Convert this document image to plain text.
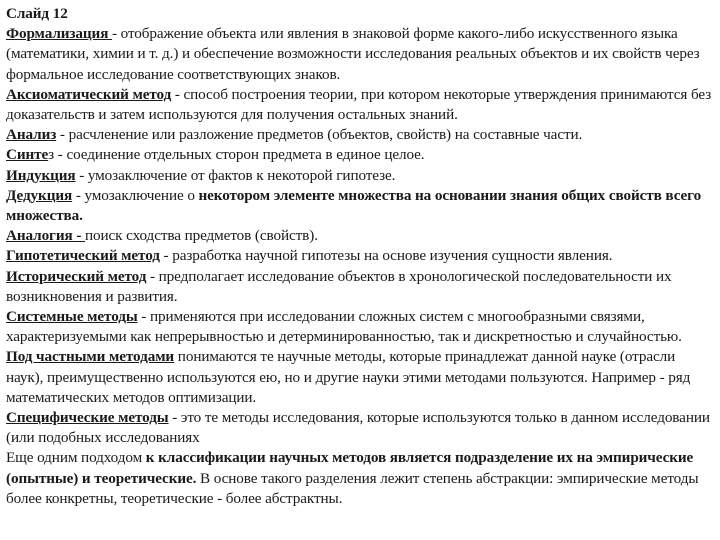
Слайд 12

Формализация - отображение объекта или явления в знаковой форме какого-либо искусственного языка (математики, химии и т. д.) и обеспечение возможности исследования реальных объектов и их свойств через формальное исследование соответствующих знаков.

Аксиоматический метод - способ построения теории, при котором некоторые утверждения принимаются без доказательств и затем используются для получения остальных знаний.

Анализ - расчленение или разложение предметов (объектов, свойств) на составные части.

Синтез - соединение отдельных сторон предмета в единое целое.

Индукция - умозаключение от фактов к некоторой гипотезе.

Дедукция - умозаключение о некотором элементе множества на основании знания общих свойств всего множества.

Аналогия - поиск сходства предметов (свойств).

Гипотетический метод - разработка научной гипотезы на основе изучения сущности явления.

Исторический метод - предполагает исследование объектов в хронологической последовательности их возникновения и развития.

Системные методы - применяются при исследовании сложных систем с многообразными связями, характеризуемыми как непрерывностью и детерминированностью, так и дискретностью и случайностью.

Под частными методами понимаются те научные методы, которые принадлежат данной науке (отрасли наук), преимущественно используются ею, но и другие науки этими методами пользуются. Например - ряд математических методов оптимизации.

Специфические методы - это те методы исследования, которые используются только в данном исследовании (или подобных исследованиях

Еще одним подходом к классификации научных методов является подразделение их на эмпирические (опытные) и теоретические. В основе такого разделения лежит степень абстракции: эмпирические методы более конкретны, теоретические - более абстрактны.
